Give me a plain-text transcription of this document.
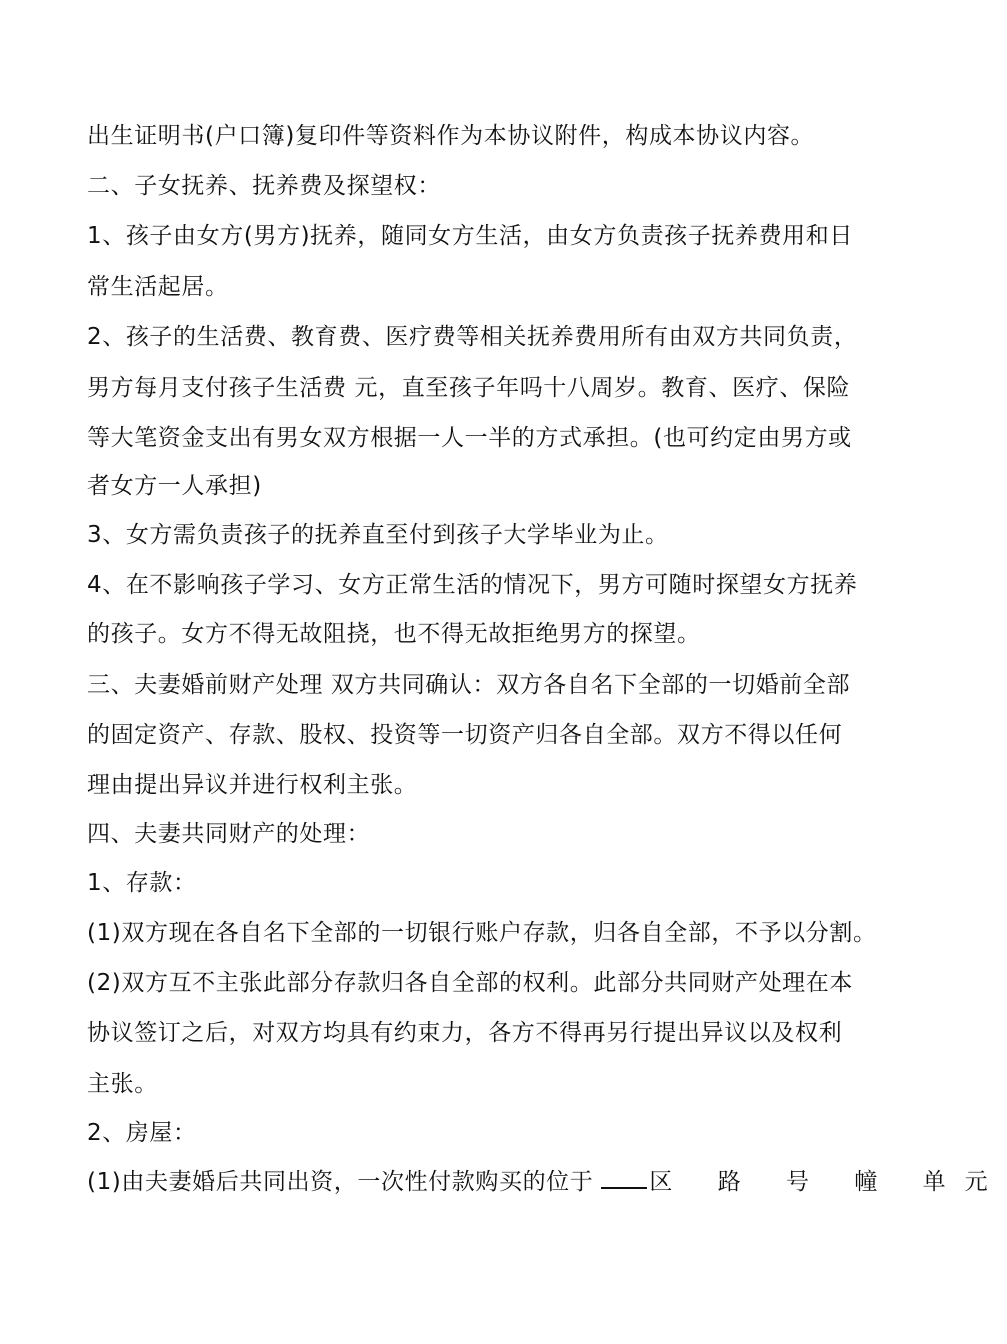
出生证明书(户口簿)复印件等资料作为本协议附件，构成本协议内容。
二、子女抚养、抚养费及探望权：
1、孩子由女方(男方)抚养，随同女方生活，由女方负责孩子抚养费用和日
常生活起居。
2、孩子的生活费、教育费、医疗费等相关抚养费用所有由双方共同负责，
男方每月支付孩子生活费 元，直至孩子年吗十八周岁。教育、医疗、保险
等大笔资金支出有男女双方根据一人一半的方式承担。(也可约定由男方或
者女方一人承担)
3、女方需负责孩子的抚养直至付到孩子大学毕业为止。
4、在不影响孩子学习、女方正常生活的情况下，男方可随时探望女方抚养
的孩子。女方不得无故阻挠，也不得无故拒绝男方的探望。
三、夫妻婚前财产处理 双方共同确认：双方各自名下全部的一切婚前全部
的固定资产、存款、股权、投资等一切资产归各自全部。双方不得以任何
理由提出异议并进行权利主张。
四、夫妻共同财产的处理：
1、存款：
(1)双方现在各自名下全部的一切银行账户存款，归各自全部，不予以分割。
(2)双方互不主张此部分存款归各自全部的权利。此部分共同财产处理在本
协议签订之后，对双方均具有约束力，各方不得再另行提出异议以及权利
主张。
2、房屋：
(1)由夫妻婚后共同出资，一次性付款购买的位于 区 路 号 幢 单元
